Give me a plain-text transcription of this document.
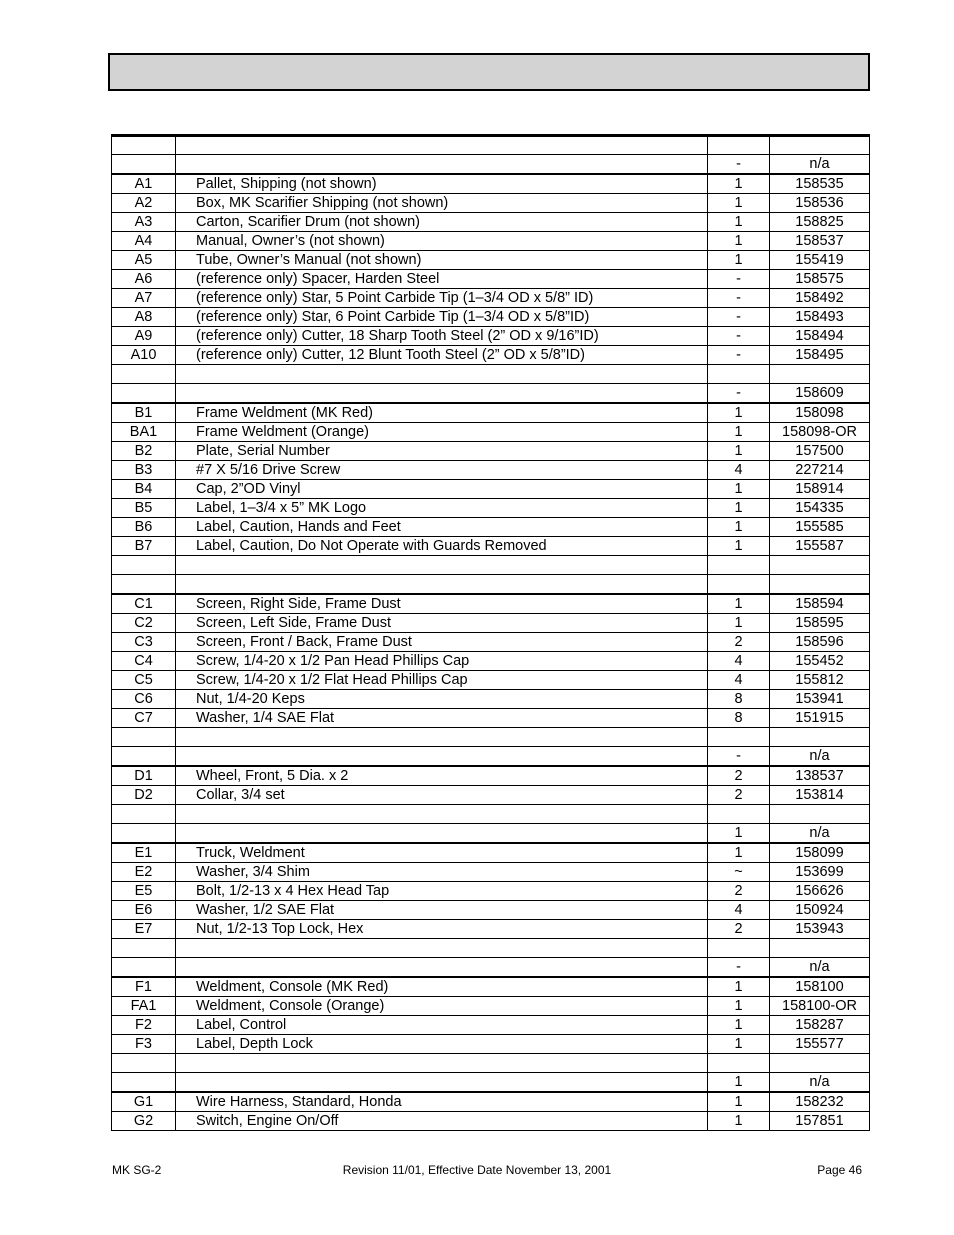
		-	n/a
A1	Pallet, Shipping (not shown)	1	158535
A2	Box, MK Scarifier Shipping (not shown)	1	158536
A3	Carton, Scarifier Drum (not shown)	1	158825
A4	Manual, Owner’s (not shown)	1	158537
A5	Tube, Owner’s Manual (not shown)	1	155419
A6	(reference only) Spacer, Harden Steel	-	158575
A7	(reference only) Star, 5 Point Carbide Tip (1–3/4 OD x 5/8” ID)	-	158492
A8	(reference only) Star, 6 Point Carbide Tip (1–3/4 OD x 5/8”ID)	-	158493
A9	(reference only) Cutter, 18 Sharp Tooth Steel (2” OD x 9/16”ID)	-	158494
A10	(reference only) Cutter, 12 Blunt Tooth Steel (2” OD x 5/8”ID)	-	158495

		-	158609
B1	Frame Weldment (MK Red)	1	158098
BA1	Frame Weldment (Orange)	1	158098-OR
B2	Plate, Serial Number	1	157500
B3	#7 X 5/16 Drive Screw	4	227214
B4	Cap, 2”OD Vinyl	1	158914
B5	Label, 1–3/4 x 5” MK Logo	1	154335
B6	Label, Caution, Hands and Feet	1	155585
B7	Label, Caution, Do Not Operate with Guards Removed	1	155587

C1	Screen, Right Side, Frame Dust	1	158594
C2	Screen, Left Side, Frame Dust	1	158595
C3	Screen, Front / Back, Frame Dust	2	158596
C4	Screw, 1/4-20 x 1/2 Pan Head Phillips Cap	4	155452
C5	Screw, 1/4-20 x 1/2 Flat Head Phillips Cap	4	155812
C6	Nut, 1/4-20 Keps	8	153941
C7	Washer, 1/4 SAE Flat	8	151915

		-	n/a
D1	Wheel, Front, 5 Dia. x 2	2	138537
D2	Collar, 3/4 set	2	153814

		1	n/a
E1	Truck, Weldment	1	158099
E2	Washer, 3/4 Shim	~	153699
E5	Bolt, 1/2-13 x 4 Hex Head Tap	2	156626
E6	Washer, 1/2 SAE Flat	4	150924
E7	Nut, 1/2-13 Top Lock, Hex	2	153943

		-	n/a
F1	Weldment, Console (MK Red)	1	158100
FA1	Weldment, Console (Orange)	1	158100-OR
F2	Label, Control	1	158287
F3	Label, Depth Lock	1	155577

		1	n/a
G1	Wire Harness, Standard, Honda	1	158232
G2	Switch, Engine On/Off	1	157851
MK SG-2	Revision 11/01, Effective Date November 13, 2001	Page 46
